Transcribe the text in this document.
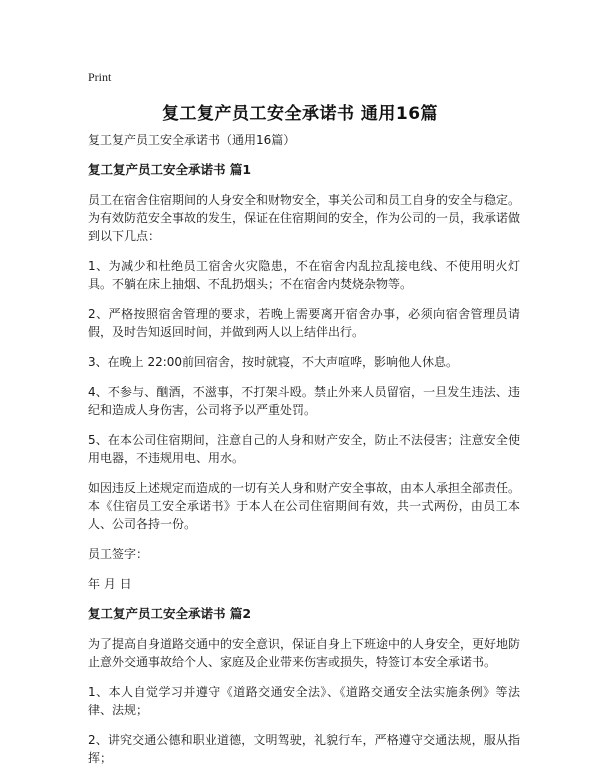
Print
复工复产员工安全承诺书 通用16篇

复工复产员工安全承诺书（通用16篇）

复工复产员工安全承诺书 篇1

员工在宿舍住宿期间的人身安全和财物安全，事关公司和员工自身的安全与稳定。为有效防范安全事故的发生，保证在住宿期间的安全，作为公司的一员，我承诺做到以下几点：

1、为减少和杜绝员工宿舍火灾隐患，不在宿舍内乱拉乱接电线、不使用明火灯具。不躺在床上抽烟、不乱扔烟头；不在宿舍内焚烧杂物等。

2、严格按照宿舍管理的要求，若晚上需要离开宿舍办事，必须向宿舍管理员请假，及时告知返回时间，并做到两人以上结伴出行。

3、在晚上 22:00前回宿舍，按时就寝，不大声喧哗，影响他人休息。

4、不参与、酗酒，不滋事，不打架斗殴。禁止外来人员留宿，一旦发生违法、违纪和造成人身伤害，公司将予以严重处罚。

5、在本公司住宿期间，注意自己的人身和财产安全，防止不法侵害；注意安全使用电器，不违规用电、用水。

如因违反上述规定而造成的一切有关人身和财产安全事故，由本人承担全部责任。本《住宿员工安全承诺书》于本人在公司住宿期间有效，共一式两份，由员工本人、公司各持一份。

员工签字：

年 月 日

复工复产员工安全承诺书 篇2

为了提高自身道路交通中的安全意识，保证自身上下班途中的人身安全，更好地防止意外交通事故给个人、家庭及企业带来伤害或损失，特签订本安全承诺书。

1、本人自觉学习并遵守《道路交通安全法》、《道路交通安全法实施条例》等法律、法规；

2、讲究交通公德和职业道德，文明驾驶，礼貌行车，严格遵守交通法规，服从指挥；
